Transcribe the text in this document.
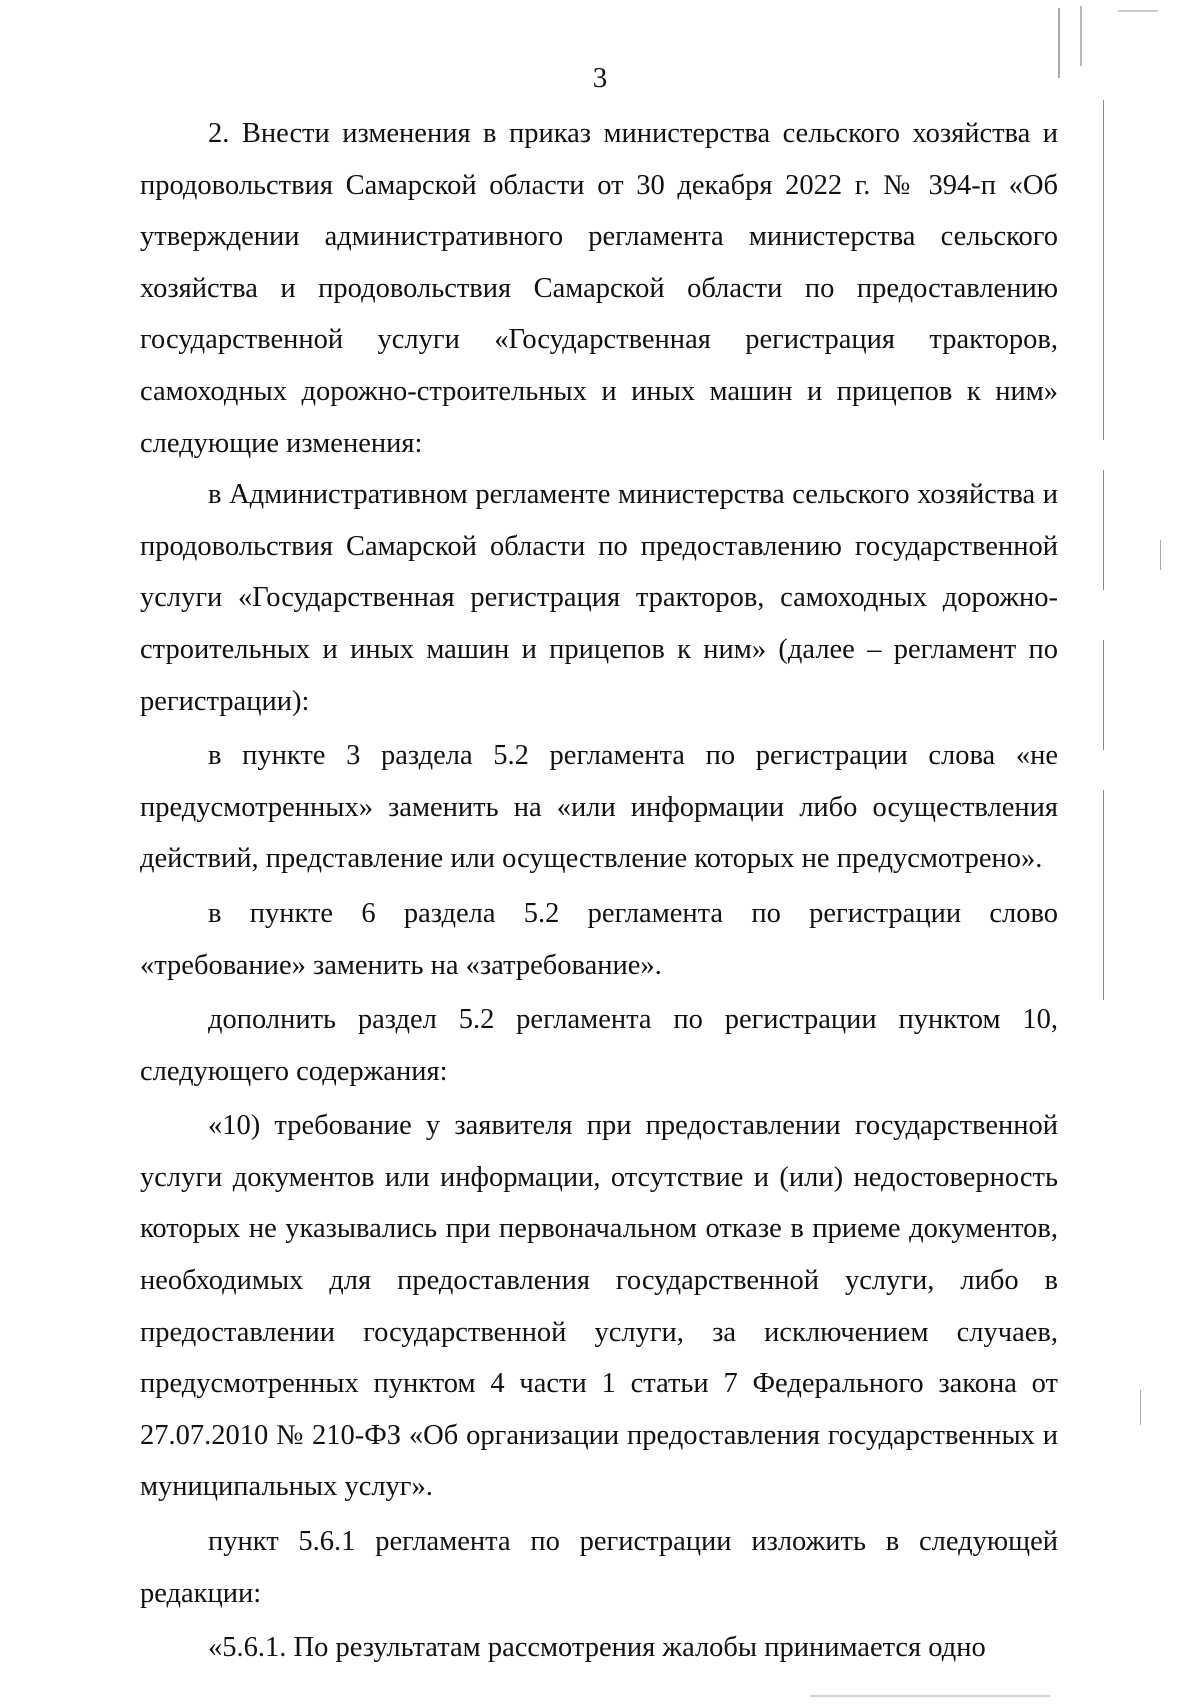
3

2. Внести изменения в приказ министерства сельского хозяйства и продовольствия Самарской области от 30 декабря 2022 г. № 394-п «Об утверждении административного регламента министерства сельского хозяйства и продовольствия Самарской области по предоставлению государственной услуги «Государственная регистрация тракторов, самоходных дорожно-строительных и иных машин и прицепов к ним» следующие изменения:

в Административном регламенте министерства сельского хозяйства и продовольствия Самарской области по предоставлению государственной услуги «Государственная регистрация тракторов, самоходных дорожно-строительных и иных машин и прицепов к ним» (далее – регламент по регистрации):

в пункте 3 раздела 5.2 регламента по регистрации слова «не предусмотренных» заменить на «или информации либо осуществления действий, представление или осуществление которых не предусмотрено».

в пункте 6 раздела 5.2 регламента по регистрации слово «требование» заменить на «затребование».

дополнить раздел 5.2 регламента по регистрации пунктом 10, следующего содержания:

«10) требование у заявителя при предоставлении государственной услуги документов или информации, отсутствие и (или) недостоверность которых не указывались при первоначальном отказе в приеме документов, необходимых для предоставления государственной услуги, либо в предоставлении государственной услуги, за исключением случаев, предусмотренных пунктом 4 части 1 статьи 7 Федерального закона от 27.07.2010 № 210-ФЗ «Об организации предоставления государственных и муниципальных услуг».

пункт 5.6.1 регламента по регистрации изложить в следующей редакции:

«5.6.1. По результатам рассмотрения жалобы принимается одно
